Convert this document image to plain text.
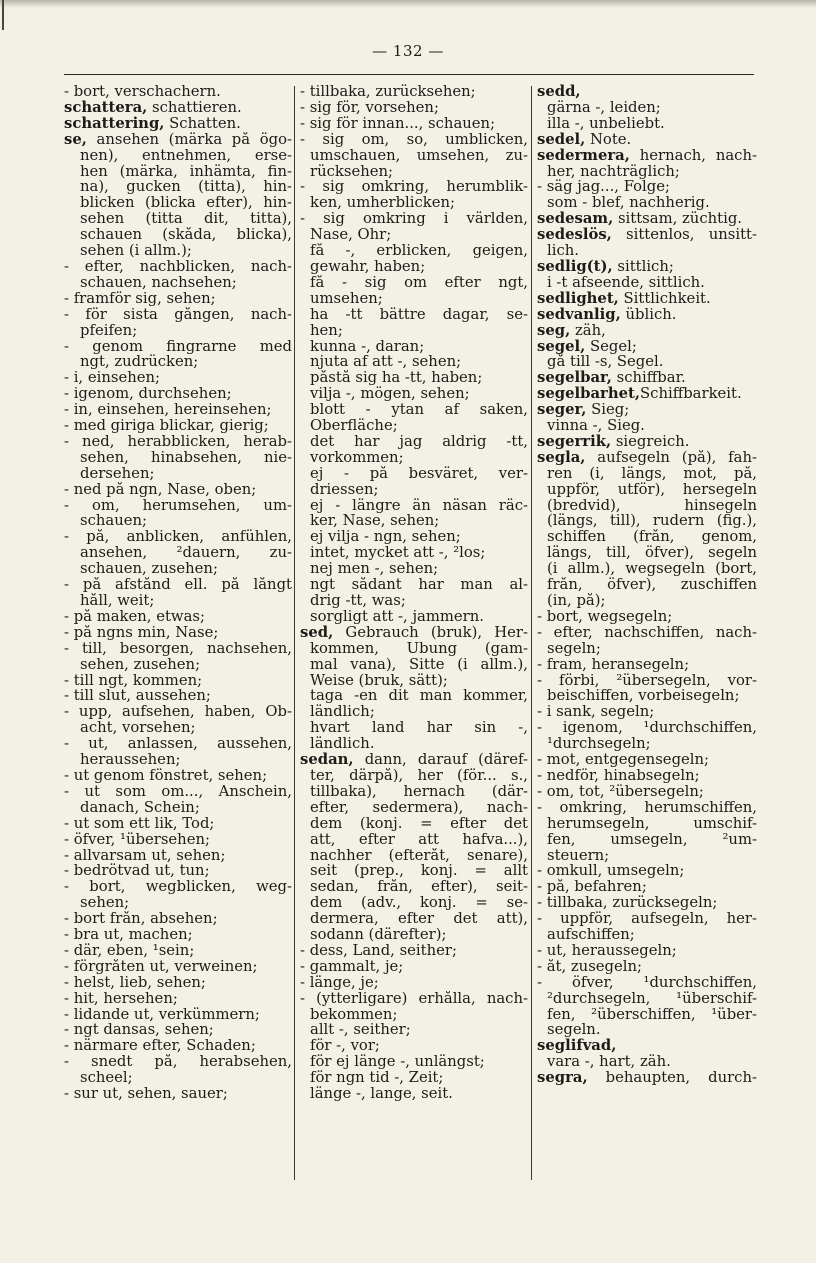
— 132 —
- bort, verschachern.
schattera, schattieren.
schattering, Schatten.
se, ansehen (märka på ögo-
nen), entnehmen, erse-
hen (märka, inhämta, fin-
na), gucken (titta), hin-
blicken (blicka efter), hin-
sehen (titta dit, titta),
schauen (skåda, blicka),
sehen (i allm.);
- efter, nachblicken, nach-
schauen, nachsehen;
- framför sig, sehen;
- för sista gången, nach-
pfeifen;
- genom fingrarne med
ngt, zudrücken;
- i, einsehen;
- igenom, durchsehen;
- in, einsehen, hereinsehen;
- med giriga blickar, gierig;
- ned, herabblicken, herab-
sehen, hinabsehen, nie-
dersehen;
- ned på ngn, Nase, oben;
- om, herumsehen, um-
schauen;
- på, anblicken, anfühlen,
ansehen, ²dauern, zu-
schauen, zusehen;
- på afstånd ell. på långt
håll, weit;
- på maken, etwas;
- på ngns min, Nase;
- till, besorgen, nachsehen,
sehen, zusehen;
- till ngt, kommen;
- till slut, aussehen;
- upp, aufsehen, haben, Ob-
acht, vorsehen;
- ut, anlassen, aussehen,
heraussehen;
- ut genom fönstret, sehen;
- ut som om..., Anschein,
danach, Schein;
- ut som ett lik, Tod;
- öfver, ¹übersehen;
- allvarsam ut, sehen;
- bedrötvad ut, tun;
- bort, wegblicken, weg-
sehen;
- bort från, absehen;
- bra ut, machen;
- där, eben, ¹sein;
- förgråten ut, verweinen;
- helst, lieb, sehen;
- hit, hersehen;
- lidande ut, verkümmern;
- ngt dansas, sehen;
- närmare efter, Schaden;
- snedt på, herabsehen,
scheel;
- sur ut, sehen, sauer;
- tillbaka, zurücksehen;
- sig för, vorsehen;
- sig för innan..., schauen;
- sig om, so, umblicken,
umschauen, umsehen, zu-
rücksehen;
- sig omkring, herumblik-
ken, umherblicken;
- sig omkring i världen,
Nase, Ohr;
få -, erblicken, geigen,
gewahr, haben;
få - sig om efter ngt,
umsehen;
ha -tt bättre dagar, se-
hen;
kunna -, daran;
njuta af att -, sehen;
påstå sig ha -tt, haben;
vilja -, mögen, sehen;
blott - ytan af saken,
Oberfläche;
det har jag aldrig -tt,
vorkommen;
ej - på besväret, ver-
driessen;
ej - längre än näsan räc-
ker, Nase, sehen;
ej vilja - ngn, sehen;
intet, mycket att -, ²los;
nej men -, sehen;
ngt sådant har man al-
drig -tt, was;
sorgligt att -, jammern.
sed, Gebrauch (bruk), Her-
kommen, Übung (gam-
mal vana), Sitte (i allm.),
Weise (bruk, sätt);
taga -en dit man kommer,
ländlich;
hvart land har sin -,
ländlich.
sedan, dann, darauf (däref-
ter, därpå), her (för... s.,
tillbaka), hernach (där-
efter, sedermera), nach-
dem (konj. = efter det
att, efter att hafva...),
nachher (efteråt, senare),
seit (prep., konj. = allt
sedan, från, efter), seit-
dem (adv., konj. = se-
dermera, efter det att),
sodann (därefter);
- dess, Land, seither;
- gammalt, je;
- länge, je;
- (ytterligare) erhålla, nach-
bekommen;
allt -, seither;
för -, vor;
för ej länge -, unlängst;
för ngn tid -, Zeit;
länge -, lange, seit.
sedd,
gärna -, leiden;
illa -, unbeliebt.
sedel, Note.
sedermera, hernach, nach-
her, nachträglich;
- säg jag..., Folge;
som - blef, nachherig.
sedesam, sittsam, züchtig.
sedeslös, sittenlos, unsitt-
lich.
sedlig(t), sittlich;
i -t afseende, sittlich.
sedlighet, Sittlichkeit.
sedvanlig, üblich.
seg, zäh,
segel, Segel;
gå till -s, Segel.
segelbar, schiffbar.
segelbarhet,Schiffbarkeit.
seger, Sieg;
vinna -, Sieg.
segerrik, siegreich.
segla, aufsegeln (på), fah-
ren (i, längs, mot, på,
uppför, utför), hersegeln
(bredvid), hinsegeln
(längs, till), rudern (fig.),
schiffen (från, genom,
längs, till, öfver), segeln
(i allm.), wegsegeln (bort,
från, öfver), zuschiffen
(in, på);
- bort, wegsegeln;
- efter, nachschiffen, nach-
segeln;
- fram, heransegeln;
- förbi, ²übersegeln, vor-
beischiffen, vorbeisegeln;
- i sank, segeln;
- igenom, ¹durchschiffen,
¹durchsegeln;
- mot, entgegensegeln;
- nedför, hinabsegeln;
- om, tot, ²übersegeln;
- omkring, herumschiffen,
herumsegeln, umschif-
fen, umsegeln, ²um-
steuern;
- omkull, umsegeln;
- på, befahren;
- tillbaka, zurücksegeln;
- uppför, aufsegeln, her-
aufschiffen;
- ut, heraussegeln;
- åt, zusegeln;
- öfver, ¹durchschiffen,
²durchsegeln, ¹überschif-
fen, ²überschiffen, ¹über-
segeln.
seglifvad,
vara -, hart, zäh.
segra, behaupten, durch-
